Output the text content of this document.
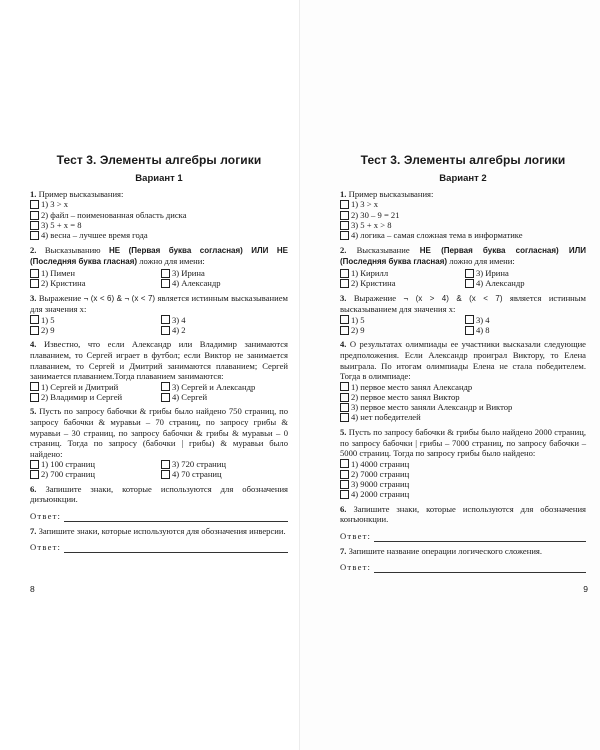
Тест 3. Элементы алгебры логики
Вариант 1
1. Пример высказывания:
1) 3 > x
2) файл – поименованная область диска
3) 5 + x = 8
4) весна – лучшее время года
2. Высказыванию НЕ (Первая буква согласная) ИЛИ НЕ (Последняя буква гласная) ложно для имени:
1) Пимен	3) Ирина
2) Кристина	4) Александр
3. Выражение ¬ (x < 6) & ¬ (x < 7) является истинным высказыванием для значения x:
1) 5	3) 4
2) 9	4) 2
4. Известно, что если Александр или Владимир занимаются плаванием, то Сергей играет в футбол; если Виктор не занимается плаванием, то Сергей и Дмитрий занимаются плаванием; Сергей занимается плаванием.Тогда плаванием занимаются:
1) Сергей и Дмитрий	3) Сергей и Александр
2) Владимир и Сергей	4) Сергей
5. Пусть по запросу бабочки & грибы было найдено 750 страниц, по запросу бабочки & муравьи – 70 страниц, по запросу грибы & муравьи – 30 страниц, по запросу бабочки & грибы & муравьи – 0 страниц. Тогда по запросу (бабочки | грибы) & муравьи было найдено:
1) 100 страниц	3) 720 страниц
2) 700 страниц	4) 70 страниц
6. Запишите знаки, которые используются для обозначения дизъюнкции.
Ответ:
7. Запишите знаки, которые используются для обозначения инверсии.
Ответ:
8
Тест 3. Элементы алгебры логики
Вариант 2
1. Пример высказывания:
1) 3 > x
2) 30 – 9 = 21
3) 5 + x > 8
4) логика – самая сложная тема в информатике
2. Высказывание НЕ (Первая буква согласная) ИЛИ (Последняя буква гласная) ложно для имени:
1) Кирилл	3) Ирина
2) Кристина	4) Александр
3. Выражение ¬ (x > 4) & (x < 7) является истинным высказыванием для значения x:
1) 5	3) 4
2) 9	4) 8
4. О результатах олимпиады ее участники высказали следующие предположения. Если Александр проиграл Виктору, то Елена выиграла. По итогам олимпиады Елена не стала победителем. Тогда в олимпиаде:
1) первое место занял Александр
2) первое место занял Виктор
3) первое место заняли Александр и Виктор
4) нет победителей
5. Пусть по запросу бабочки & грибы было найдено 2000 страниц, по запросу бабочки | грибы – 7000 страниц, по запросу бабочки – 5000 страниц. Тогда по запросу грибы было найдено:
1) 4000 страниц
2) 7000 страниц
3) 9000 страниц
4) 2000 страниц
6. Запишите знаки, которые используются для обозначения конъюнкции.
Ответ:
7. Запишите название операции логического сложения.
Ответ:
9
